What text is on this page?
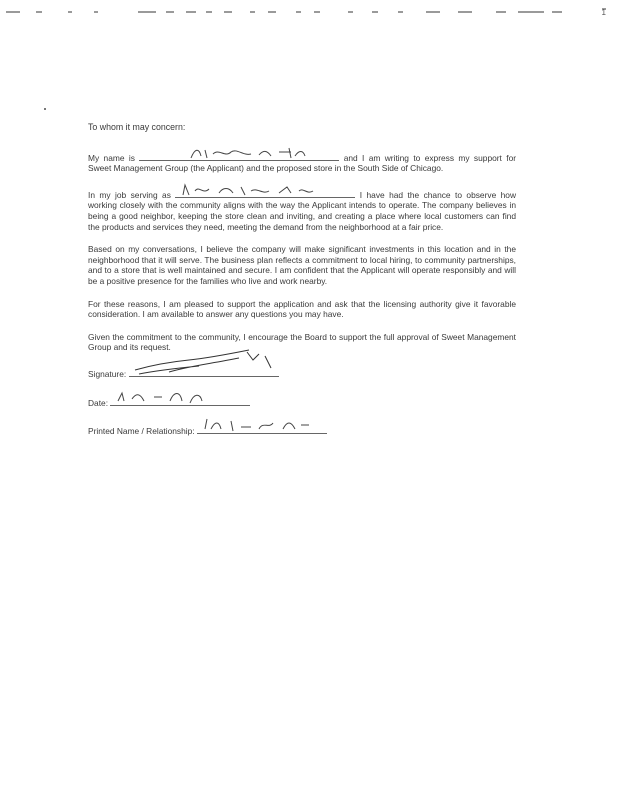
1
To whom it may concern:

My name is	and I am writing to express my support for Sweet Management Group (the Applicant) and the proposed store in the South Side of Chicago.

In my job serving as	I have had the chance to observe how working closely with the community aligns with the way the Applicant intends to operate. The company believes in being a good neighbor, keeping the store clean and inviting, and creating a place where local customers can find the products and services they need, meeting the demand from the neighborhood at a fair price.

Based on my conversations, I believe the company will make significant investments in this location and in the neighborhood that it will serve. The business plan reflects a commitment to local hiring, to community partnerships, and to a store that is well maintained and secure. I am confident that the Applicant will operate responsibly and will be a positive presence for the families who live and work nearby.

For these reasons, I am pleased to support the application and ask that the licensing authority give it favorable consideration. I am available to answer any questions you may have.

Given the commitment to the community, I encourage the Board to support the full approval of Sweet Management Group and its request.

Signature:
Date:
Printed Name / Relationship:
